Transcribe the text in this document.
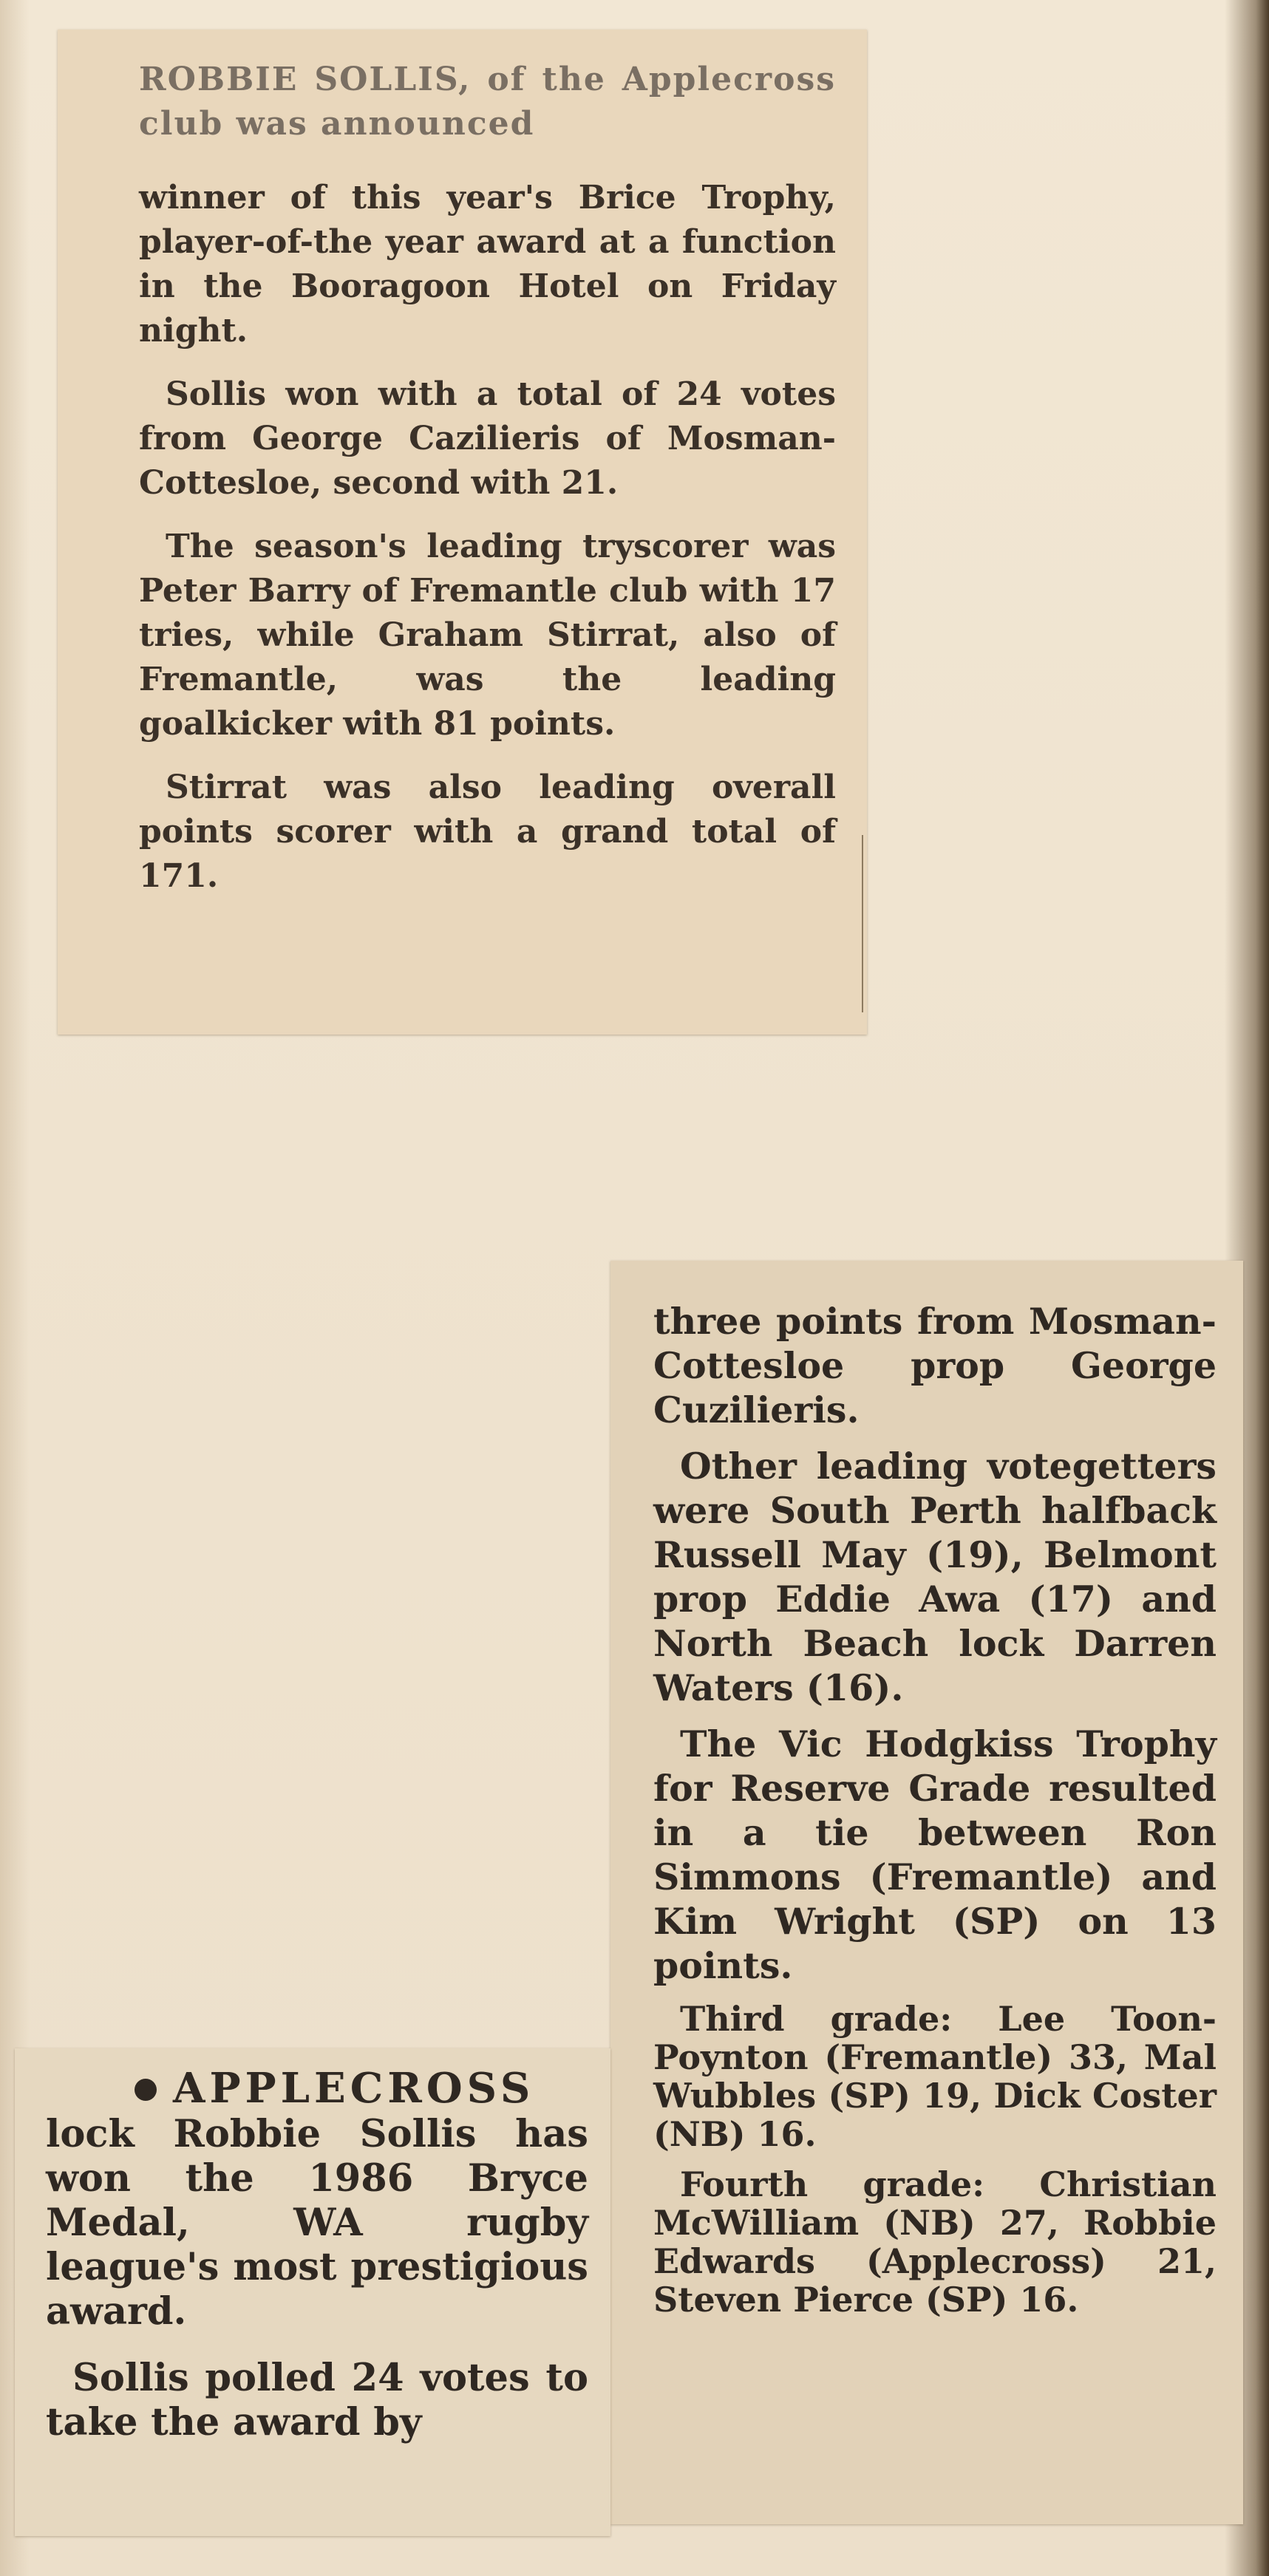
ROBBIE SOLLIS, of the Applecross club was announced

winner of this year's Brice Trophy, player-of-the year award at a function in the Booragoon Hotel on Friday night.

Sollis won with a total of 24 votes from George Cazilieris of Mosman-Cottesloe, second with 21.

The season's leading tryscorer was Peter Barry of Fremantle club with 17 tries, while Graham Stirrat, also of Fremantle, was the leading goalkicker with 81 points.

Stirrat was also leading overall points scorer with a grand total of 171.

three points from Mosman-Cottesloe prop George Cuzilieris.

Other leading votegetters were South Perth halfback Russell May (19), Belmont prop Eddie Awa (17) and North Beach lock Darren Waters (16).

The Vic Hodgkiss Trophy for Reserve Grade resulted in a tie between Ron Simmons (Fremantle) and Kim Wright (SP) on 13 points.

Third grade: Lee Toon-Poynton (Fremantle) 33, Mal Wubbles (SP) 19, Dick Coster (NB) 16.

Fourth grade: Christian McWilliam (NB) 27, Robbie Edwards (Applecross) 21, Steven Pierce (SP) 16.

APPLECROSS lock Robbie Sollis has won the 1986 Bryce Medal, WA rugby league's most prestigious award.

Sollis polled 24 votes to take the award by
